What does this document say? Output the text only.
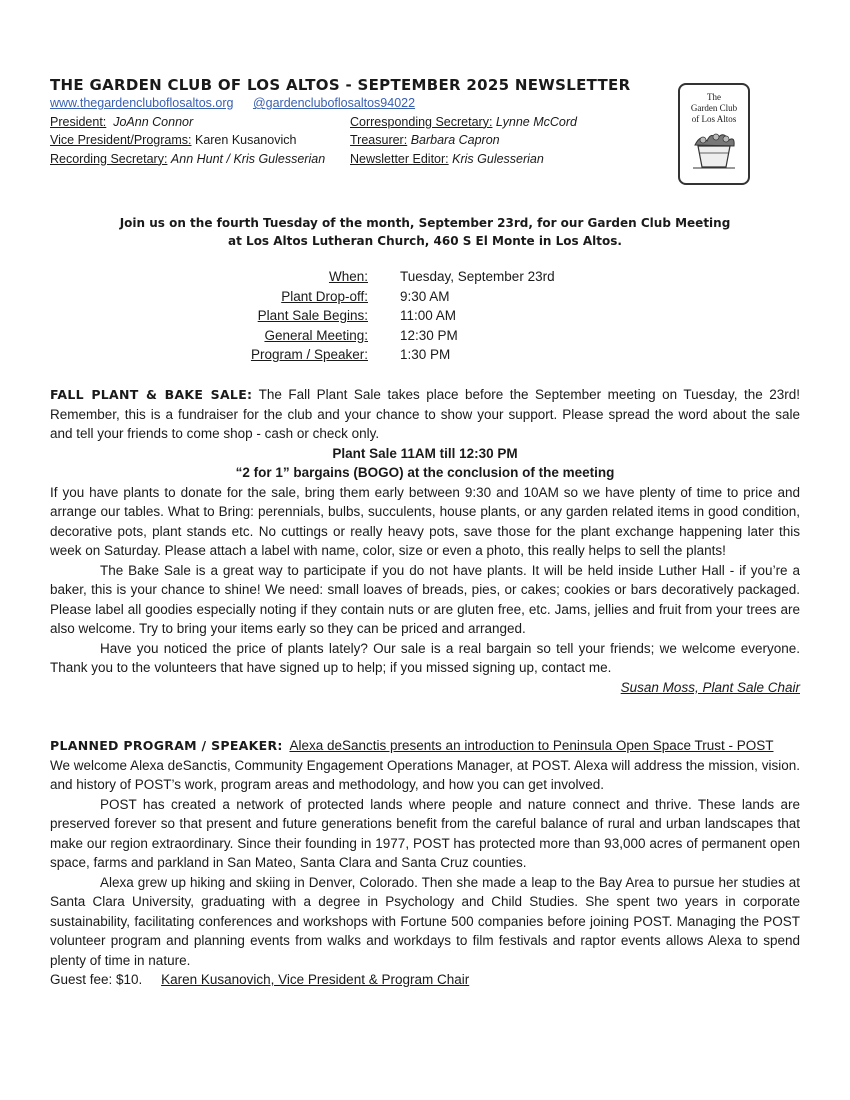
THE GARDEN CLUB OF LOS ALTOS - SEPTEMBER 2025 NEWSLETTER
www.thegardencluboflosaltos.org @gardencluboflosaltos94022
President: JoAnn Connor	Corresponding Secretary: Lynne McCord
Vice President/Programs: Karen Kusanovich	Treasurer: Barbara Capron
Recording Secretary: Ann Hunt / Kris Gulesserian	Newsletter Editor: Kris Gulesserian
The
Garden Club
of Los Altos
Join us on the fourth Tuesday of the month, September 23rd, for our Garden Club Meeting
at Los Altos Lutheran Church, 460 S El Monte in Los Altos.
When:	Tuesday, September 23rd
Plant Drop-off:	9:30 AM
Plant Sale Begins:	11:00 AM
General Meeting:	12:30 PM
Program / Speaker:	1:30 PM

FALL PLANT & BAKE SALE: The Fall Plant Sale takes place before the September meeting on Tuesday, the 23rd! Remember, this is a fundraiser for the club and your chance to show your support. Please spread the word about the sale and tell your friends to come shop - cash or check only.

Plant Sale 11AM till 12:30 PM

“2 for 1” bargains (BOGO) at the conclusion of the meeting

If you have plants to donate for the sale, bring them early between 9:30 and 10AM so we have plenty of time to price and arrange our tables. What to Bring: perennials, bulbs, succulents, house plants, or any garden related items in good condition, decorative pots, plant stands etc. No cuttings or really heavy pots, save those for the plant exchange happening later this week on Saturday. Please attach a label with name, color, size or even a photo, this really helps to sell the plants!

The Bake Sale is a great way to participate if you do not have plants. It will be held inside Luther Hall - if you’re a baker, this is your chance to shine! We need: small loaves of breads, pies, or cakes; cookies or bars decoratively packaged. Please label all goodies especially noting if they contain nuts or are gluten free, etc. Jams, jellies and fruit from your trees are also welcome. Try to bring your items early so they can be priced and arranged.

Have you noticed the price of plants lately? Our sale is a real bargain so tell your friends; we welcome everyone. Thank you to the volunteers that have signed up to help; if you missed signing up, contact me.

Susan Moss, Plant Sale Chair

PLANNED PROGRAM / SPEAKER: Alexa deSanctis presents an introduction to Peninsula Open Space Trust - POST

We welcome Alexa deSanctis, Community Engagement Operations Manager, at POST. Alexa will address the mission, vision. and history of POST’s work, program areas and methodology, and how you can get involved.

POST has created a network of protected lands where people and nature connect and thrive. These lands are preserved forever so that present and future generations benefit from the careful balance of rural and urban landscapes that make our region extraordinary. Since their founding in 1977, POST has protected more than 93,000 acres of permanent open space, farms and parkland in San Mateo, Santa Clara and Santa Cruz counties.

Alexa grew up hiking and skiing in Denver, Colorado. Then she made a leap to the Bay Area to pursue her studies at Santa Clara University, graduating with a degree in Psychology and Child Studies. She spent two years in corporate sustainability, facilitating conferences and workshops with Fortune 500 companies before joining POST. Managing the POST volunteer program and planning events from walks and workdays to film festivals and raptor events allows Alexa to spend plenty of time in nature.

Guest fee: $10. Karen Kusanovich, Vice President & Program Chair
